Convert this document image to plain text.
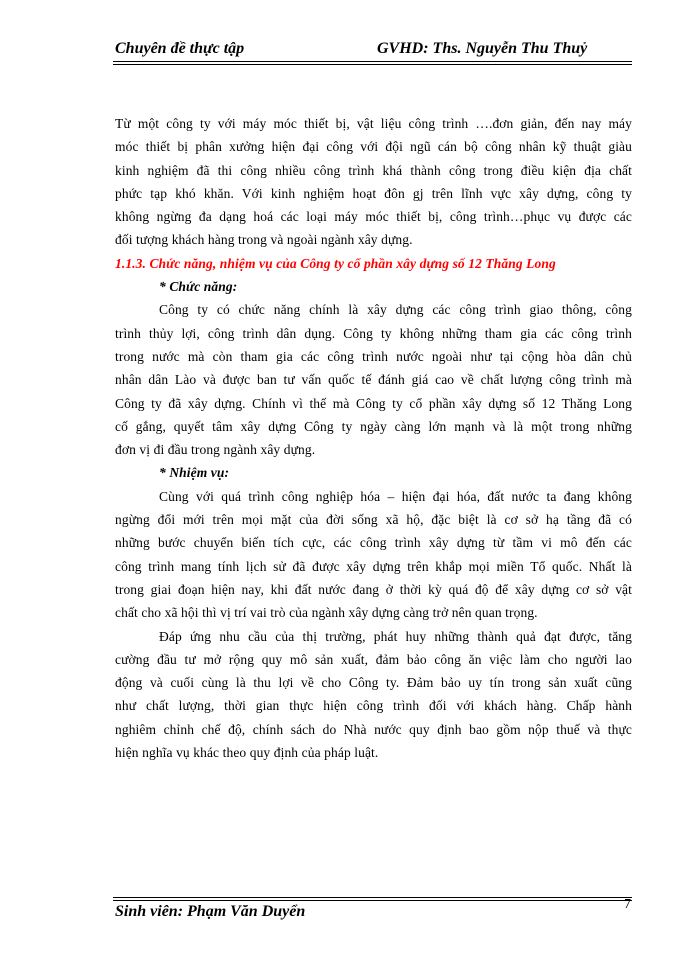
Chuyên đề thực tập	GVHD: Ths. Nguyễn Thu Thuỷ
Từ một công ty với máy móc thiết bị, vật liệu công trình ….đơn giản, đến nay máy
móc thiết bị phân xưởng hiện đại công với đội ngũ cán bộ công nhân kỹ thuật giàu
kinh nghiệm đã thi công nhiều công trình khá thành công trong điều kiện địa chất
phức tạp khó khăn. Với kinh nghiệm hoạt đôn gj trên lĩnh vực xây dựng, công ty
không ngừng đa dạng hoá các loại máy móc thiết bị, công trình…phục vụ được các
đối tượng khách hàng trong và ngoài ngành xây dựng.
1.1.3. Chức năng, nhiệm vụ của Công ty cổ phần xây dựng số 12 Thăng Long
* Chức năng:
Công ty có chức năng chính là xây dựng các công trình giao thông, công
trình thủy lợi, công trình dân dụng. Công ty không những tham gia các công trình
trong nước mà còn tham gia các công trình nước ngoài như tại cộng hòa dân chủ
nhân dân Lào và được ban tư vấn quốc tế đánh giá cao về chất lượng công trình mà
Công ty đã xây dựng. Chính vì thế mà Công ty cổ phần xây dựng số 12 Thăng Long
cố gắng, quyết tâm xây dựng Công ty ngày càng lớn mạnh và là một trong những
đơn vị đi đầu trong ngành xây dựng.
* Nhiệm vụ:
Cùng với quá trình công nghiệp hóa – hiện đại hóa, đất nước ta đang không
ngừng đổi mới trên mọi mặt của đời sống xã hộ, đặc biệt là cơ sở hạ tầng đã có
những bước chuyển biến tích cực, các công trình xây dựng từ tầm vi mô đến các
công trình mang tính lịch sử đã được xây dựng trên khắp mọi miền Tổ quốc. Nhất là
trong giai đoạn hiện nay, khi đất nước đang ở thời kỳ quá độ để xây dựng cơ sở vật
chất cho xã hội thì vị trí vai trò của ngành xây dựng càng trở nên quan trọng.
Đáp ứng nhu cầu của thị trường, phát huy những thành quả đạt được, tăng
cường đầu tư mở rộng quy mô sản xuất, đảm bảo công ăn việc làm cho người lao
động và cuối cùng là thu lợi về cho Công ty. Đảm bảo uy tín trong sản xuất cũng
như chất lượng, thời gian thực hiện công trình đối với khách hàng. Chấp hành
nghiêm chỉnh chế độ, chính sách do Nhà nước quy định bao gồm nộp thuế và thực
hiện nghĩa vụ khác theo quy định của pháp luật.
Sinh viên: Phạm Văn Duyển	7
